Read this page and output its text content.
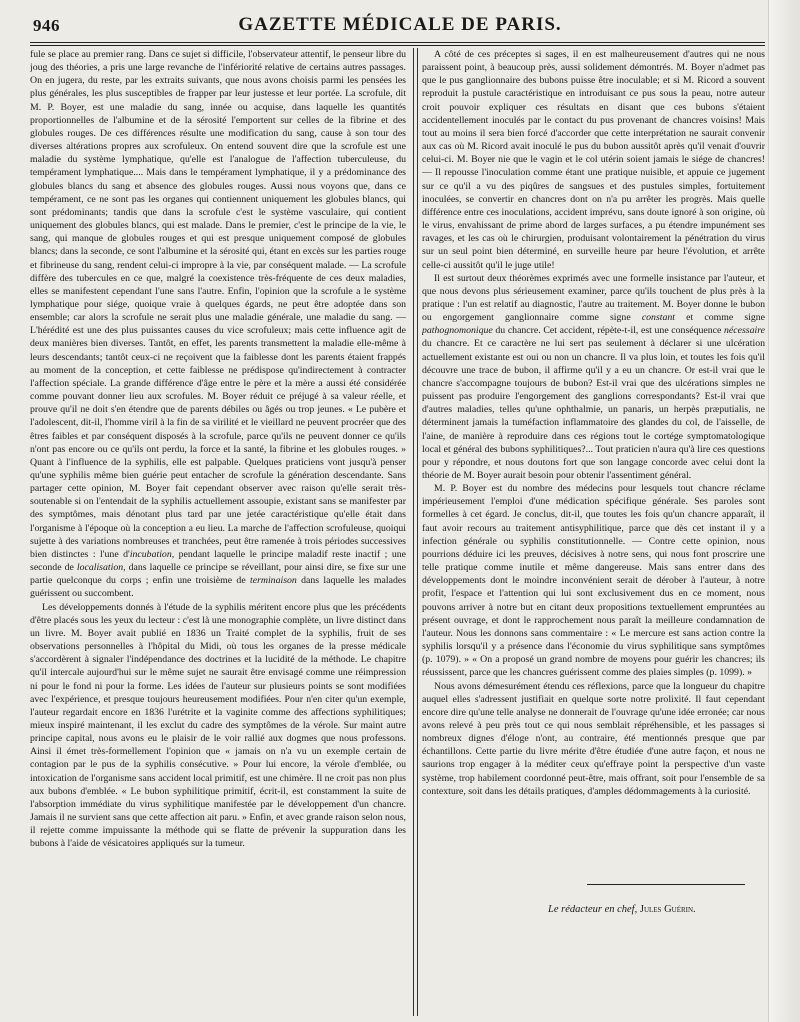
946	GAZETTE MÉDICALE DE PARIS.

fule se place au premier rang. Dans ce sujet si difficile, l'observateur attentif, le penseur libre du joug des théories, a pris une large revanche de l'infériorité relative de certains autres passages. On en jugera, du reste, par les extraits suivants, que nous avons choisis parmi les pensées les plus générales, les plus susceptibles de frapper par leur justesse et leur portée. La scrofule, dit M. P. Boyer, est une maladie du sang, innée ou acquise, dans laquelle les quantités proportionnelles de l'albumine et de la sérosité l'emportent sur celles de la fibrine et des globules rouges. De ces différences résulte une modification du sang, cause à son tour des diverses altérations propres aux scrofuleux. On entend souvent dire que la scrofule est une maladie du système lymphatique, qu'elle est l'analogue de l'affection tuberculeuse, du tempérament lymphatique.... Mais dans le tempérament lymphatique, il y a prédominance des globules blancs du sang et absence des globules rouges. Aussi nous voyons que, dans ce tempérament, ce ne sont pas les organes qui contiennent uniquement les globules blancs, qui sont prédominants; tandis que dans la scrofule c'est le système vasculaire, qui contient uniquement des globules blancs, qui est malade. Dans le premier, c'est le principe de la vie, le sang, qui manque de globules rouges et qui est presque uniquement composé de globules blancs; dans la seconde, ce sont l'albumine et la sérosité qui, étant en excès sur les parties rouge et fibrineuse du sang, rendent celui-ci impropre à la vie, par conséquent malade. — La scrofule diffère des tubercules en ce que, malgré la coexistence très-fréquente de ces deux maladies, elles se manifestent cependant l'une sans l'autre. Enfin, l'opinion que la scrofule a le système lymphatique pour siége, quoique vraie à quelques égards, ne peut être adoptée dans son ensemble; car alors la scrofule ne serait plus une maladie générale, une maladie du sang. —L'hérédité est une des plus puissantes causes du vice scrofuleux; mais cette influence agit de deux manières bien diverses. Tantôt, en effet, les parents transmettent la maladie elle-même à leurs descendants; tantôt ceux-ci ne reçoivent que la faiblesse dont les parents étaient frappés au moment de la conception, et cette faiblesse ne prédispose qu'indirectement à contracter l'affection spéciale. La grande différence d'âge entre le père et la mère a aussi été considérée comme pouvant donner lieu aux scrofules. M. Boyer réduit ce préjugé à sa valeur réelle, et prouve qu'il ne doit s'en étendre que de parents débiles ou âgés ou trop jeunes. « Le pubère et l'adolescent, dit-il, l'homme viril à la fin de sa virilité et le vieillard ne peuvent procréer que des êtres faibles et par conséquent disposés à la scrofule, parce qu'ils ne peuvent donner ce qu'ils n'ont pas encore ou ce qu'ils ont perdu, la force et la santé, la fibrine et les globules rouges. » Quant à l'influence de la syphilis, elle est palpable. Quelques praticiens vont jusqu'à penser qu'une syphilis même bien guérie peut entacher de scrofule la génération descendante. Sans partager cette opinion, M. Boyer fait cependant observer avec raison qu'elle serait très-soutenable si on l'entendait de la syphilis actuellement assoupie, existant sans se manifester par des symptômes, mais dénotant plus tard par une jetée caractéristique qu'elle était dans l'organisme à l'époque où la conception a eu lieu. La marche de l'affection scrofuleuse, quoiqui sujette à des variations nombreuses et tranchées, peut être ramenée à trois périodes successives bien distinctes : l'une d'incubation, pendant laquelle le principe maladif reste inactif ; une seconde de localisation, dans laquelle ce principe se réveillant, pour ainsi dire, se fixe sur une partie quelconque du corps ; enfin une troisième de terminaison dans laquelle les malades guérissent ou succombent.

Les développements donnés à l'étude de la syphilis méritent encore plus que les précédents d'être placés sous les yeux du lecteur : c'est là une monographie complète, un livre distinct dans un livre. M. Boyer avait publié en 1836 un Traité complet de la syphilis, fruit de ses observations personnelles à l'hôpital du Midi, où tous les organes de la presse médicale s'accordèrent à signaler l'indépendance des doctrines et la lucidité de la méthode. Le chapitre qu'il intercale aujourd'hui sur le même sujet ne saurait être envisagé comme une réimpression ni pour le fond ni pour la forme. Les idées de l'auteur sur plusieurs points se sont modifiées avec l'expérience, et presque toujours heureusement modifiées. Pour n'en citer qu'un exemple, l'auteur regardait encore en 1836 l'urétrite et la vaginite comme des affections syphilitiques; mieux inspiré maintenant, il les exclut du cadre des symptômes de la vérole. Sur maint autre principe capital, nous avons eu le plaisir de le voir rallié aux dogmes que nous professons. Ainsi il émet très-formellement l'opinion que « jamais on n'a vu un exemple certain de contagion par le pus de la syphilis consécutive. » Pour lui encore, la vérole d'emblée, ou intoxication de l'organisme sans accident local primitif, est une chimère. Il ne croit pas non plus aux bubons d'emblée. « Le bubon syphilitique primitif, écrit-il, est constamment la suite de l'absorption immédiate du virus syphilitique manifestée par le développement d'un chancre. Jamais il ne survient sans que cette affection ait paru. » Enfin, et avec grande raison selon nous, il rejette comme impuissante la méthode qui se flatte de prévenir la suppuration dans les bubons à l'aide de vésicatoires appliqués sur la tumeur.

A côté de ces préceptes si sages, il en est malheureusement d'autres qui ne nous paraissent point, à beaucoup près, aussi solidement démontrés. M. Boyer n'admet pas que le pus ganglionnaire des bubons puisse être inoculable; et si M. Ricord a souvent reproduit la pustule caractéristique en introduisant ce pus sous la peau, notre auteur croit pouvoir expliquer ces résultats en disant que ces bubons s'étaient accidentellement inoculés par le contact du pus provenant de chancres voisins! Mais tout au moins il sera bien forcé d'accorder que cette interprétation ne saurait convenir aux cas où M. Ricord avait inoculé le pus du bubon aussitôt après qu'il venait d'ouvrir celui-ci. M. Boyer nie que le vagin et le col utérin soient jamais le siége de chancres! — Il repousse l'inoculation comme étant une pratique nuisible, et appuie ce jugement sur ce qu'il a vu des piqûres de sangsues et des pustules simples, fortuitement inoculées, se convertir en chancres dont on n'a pu arrêter les progrès. Mais quelle différence entre ces inoculations, accident imprévu, sans doute ignoré à son origine, où le virus, envahissant de prime abord de larges surfaces, a pu étendre impunément ses ravages, et les cas où le chirurgien, produisant volontairement la pénétration du virus sur un seul point bien déterminé, en surveille heure par heure l'évolution, et arrête celle-ci aussitôt qu'il le juge utile!

Il est surtout deux théorèmes exprimés avec une formelle insistance par l'auteur, et que nous devons plus sérieusement examiner, parce qu'ils touchent de plus près à la pratique : l'un est relatif au diagnostic, l'autre au traitement. M. Boyer donne le bubon ou engorgement ganglionnaire comme signe constant et comme signe pathognomonique du chancre. Cet accident, répète-t-il, est une conséquence nécessaire du chancre. Et ce caractère ne lui sert pas seulement à déclarer si une ulcération actuellement existante est oui ou non un chancre. Il va plus loin, et toutes les fois qu'il découvre une trace de bubon, il affirme qu'il y a eu un chancre. Or est-il vrai que le chancre s'accompagne toujours de bubon? Est-il vrai que des ulcérations simples ne puissent pas produire l'engorgement des ganglions correspondants? Est-il vrai que d'autres maladies, telles qu'une ophthalmie, un panaris, un herpès præputialis, ne déterminent jamais la tuméfaction inflammatoire des glandes du col, de l'aisselle, de l'aine, de manière à reproduire dans ces régions tout le cortége symptomatologique local et général des bubons syphilitiques?... Tout praticien n'aura qu'à lire ces questions pour y répondre, et nous doutons fort que son langage concorde avec celui dont la théorie de M. Boyer aurait besoin pour obtenir l'assentiment général.

M. P. Boyer est du nombre des médecins pour lesquels tout chancre réclame impérieusement l'emploi d'une médication spécifique générale. Ses paroles sont formelles à cet égard. Je conclus, dit-il, que toutes les fois qu'un chancre apparaît, il faut avoir recours au traitement antisyphilitique, parce que dès cet instant il y a infection générale ou syphilis constitutionnelle. — Contre cette opinion, nous pourrions déduire ici les preuves, décisives à notre sens, qui nous font proscrire une telle pratique comme inutile et même dangereuse. Mais sans entrer dans des développements dont le moindre inconvénient serait de dérober à l'auteur, à notre profit, l'espace et l'attention qui lui sont exclusivement dus en ce moment, nous pouvons arriver à notre but en citant deux propositions textuellement empruntées au présent ouvrage, et dont le rapprochement nous paraît la meilleure condamnation de l'auteur. Nous les donnons sans commentaire : « Le mercure est sans action contre la syphilis lorsqu'il y a présence dans l'économie du virus syphilitique sans symptômes (p. 1079). » « On a proposé un grand nombre de moyens pour guérir les chancres; ils réussissent, parce que les chancres guérissent comme des plaies simples (p. 1099). »

Nous avons démesurément étendu ces réflexions, parce que la longueur du chapitre auquel elles s'adressent justifiait en quelque sorte notre prolixité. Il faut cependant encore dire qu'une telle analyse ne donnerait de l'ouvrage qu'une idée erronée; car nous avons relevé à peu près tout ce qui nous semblait répréhensible, et les passages si nombreux dignes d'éloge n'ont, au contraire, été mentionnés presque que par échantillons. Cette partie du livre mérite d'être étudiée d'une autre façon, et nous ne saurions trop engager à la méditer ceux qu'effraye point la perspective d'un vaste système, trop habilement coordonné peut-être, mais offrant, soit pour l'ensemble de sa contexture, soit dans les détails pratiques, d'amples dédommagements à la curiosité.

Le rédacteur en chef, Jules Guérin.
